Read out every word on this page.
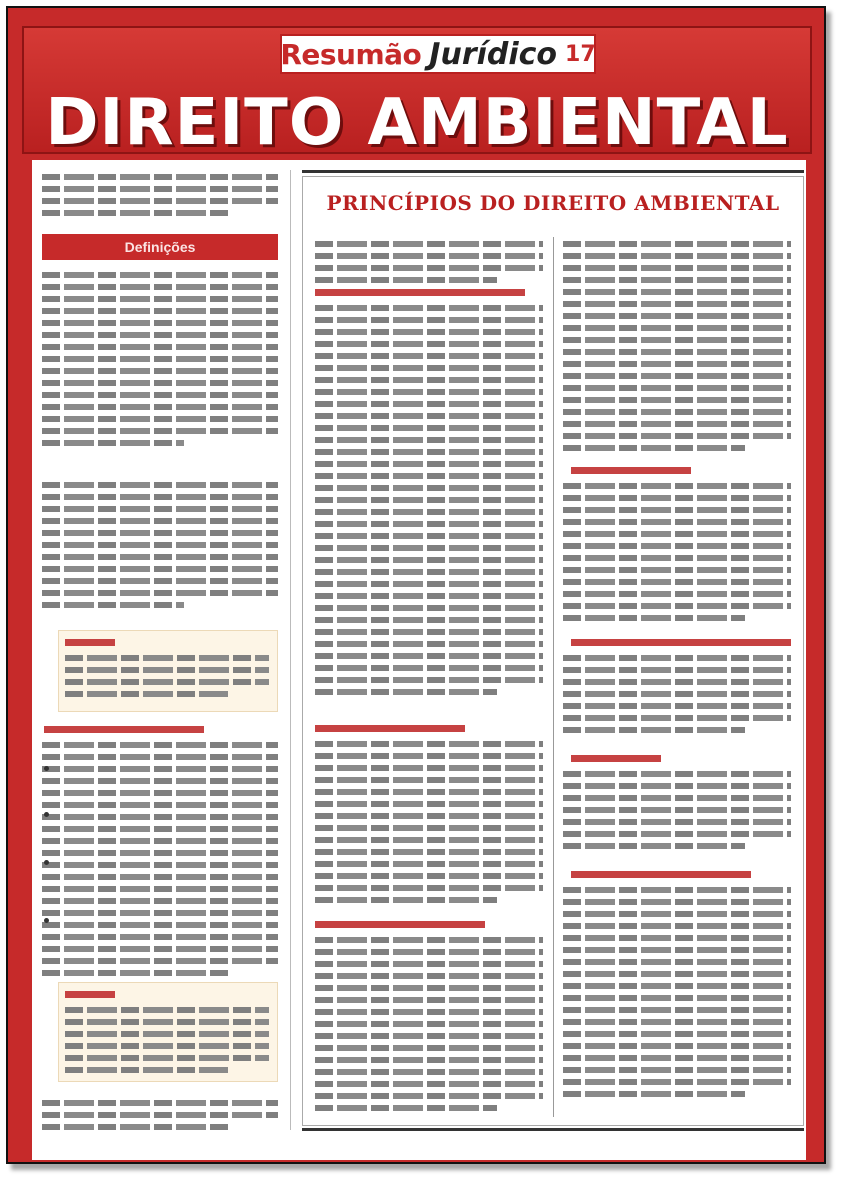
Resumão Jurídico 17
DIREITO AMBIENTAL
Definições
PRINCÍPIOS DO DIREITO AMBIENTAL
